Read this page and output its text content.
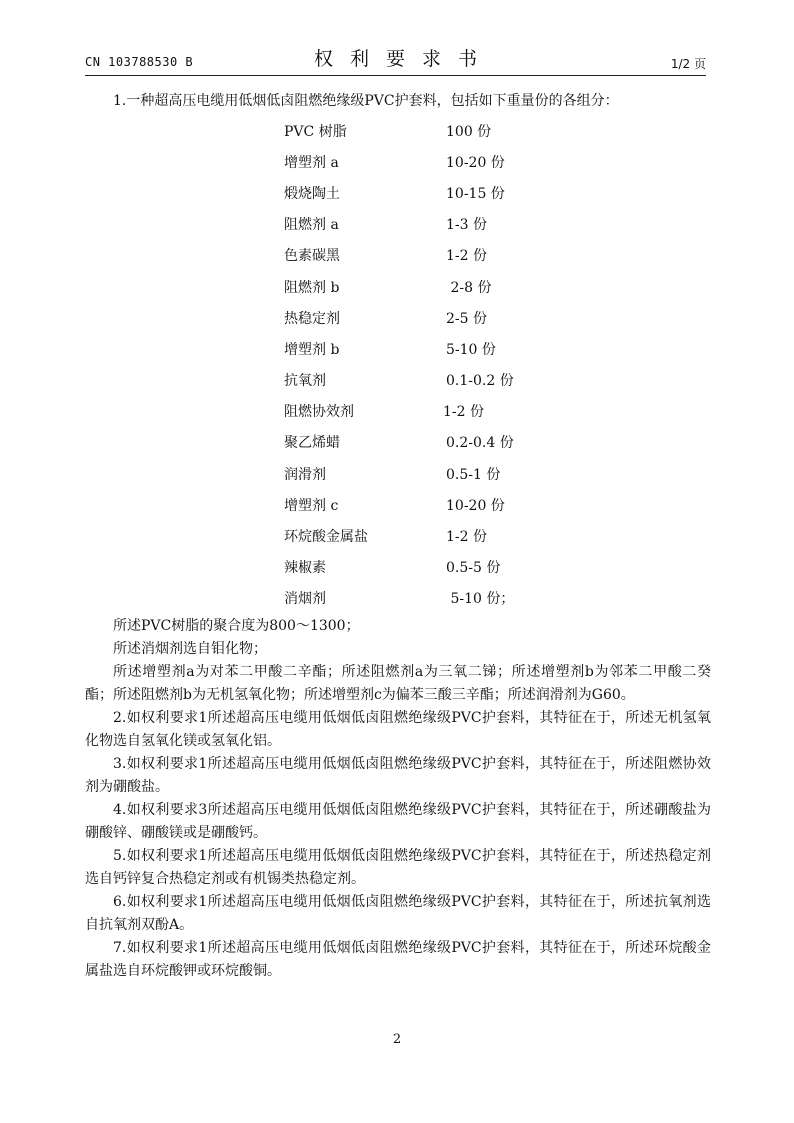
CN 103788530 B	权利要求书	1/2 页

1.一种超高压电缆用低烟低卤阻燃绝缘级PVC护套料，包括如下重量份的各组分：

PVC 树脂	100 份
增塑剂 a	10-20 份
煅烧陶土	10-15 份
阻燃剂 a	1-3 份
色素碳黑	1-2 份
阻燃剂 b	2-8 份
热稳定剂	2-5 份
增塑剂 b	5-10 份
抗氧剂	0.1-0.2 份
阻燃协效剂	1-2 份
聚乙烯蜡	0.2-0.4 份
润滑剂	0.5-1 份
增塑剂 c	10-20 份
环烷酸金属盐	1-2 份
辣椒素	0.5-5 份
消烟剂	5-10 份；

所述PVC树脂的聚合度为800～1300；

所述消烟剂选自钼化物；

所述增塑剂a为对苯二甲酸二辛酯；所述阻燃剂a为三氧二锑；所述增塑剂b为邻苯二甲酸二癸酯；所述阻燃剂b为无机氢氧化物；所述增塑剂c为偏苯三酸三辛酯；所述润滑剂为G60。

2.如权利要求1所述超高压电缆用低烟低卤阻燃绝缘级PVC护套料，其特征在于，所述无机氢氧化物选自氢氧化镁或氢氧化铝。

3.如权利要求1所述超高压电缆用低烟低卤阻燃绝缘级PVC护套料，其特征在于，所述阻燃协效剂为硼酸盐。

4.如权利要求3所述超高压电缆用低烟低卤阻燃绝缘级PVC护套料，其特征在于，所述硼酸盐为硼酸锌、硼酸镁或是硼酸钙。

5.如权利要求1所述超高压电缆用低烟低卤阻燃绝缘级PVC护套料，其特征在于，所述热稳定剂选自钙锌复合热稳定剂或有机锡类热稳定剂。

6.如权利要求1所述超高压电缆用低烟低卤阻燃绝缘级PVC护套料，其特征在于，所述抗氧剂选自抗氧剂双酚A。

7.如权利要求1所述超高压电缆用低烟低卤阻燃绝缘级PVC护套料，其特征在于，所述环烷酸金属盐选自环烷酸钾或环烷酸铜。

2
